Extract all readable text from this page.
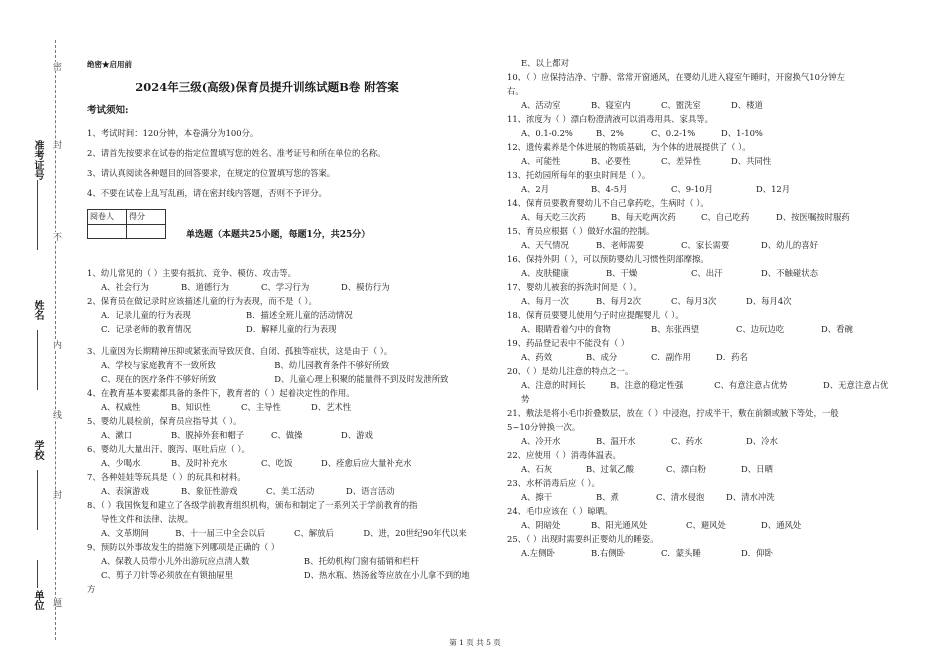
准考证号
姓名
学校
单位
密
封
不
内
线
封
题
绝密★启用前
2024年三级(高级)保育员提升训练试题B卷 附答案
考试须知:
1、考试时间：120分钟，本卷满分为100分。
2、请首先按要求在试卷的指定位置填写您的姓名、准考证号和所在单位的名称。
3、请认真阅读各种题目的回答要求，在规定的位置填写您的答案。
4、不要在试卷上乱写乱画，请在密封线内答题，否则不予评分。
阅卷人	得分

单选题（本题共25小题，每题1分，共25分）
1、幼儿常见的（ ）主要有抵抗、竞争、模仿、攻击等。
A、社会行为	B、道德行为	C、学习行为	D、模仿行为
2、保育员在做记录时应该描述儿童的行为表现，而不是（ ）。
A．记录儿童的行为表现	B．描述全班儿童的活动情况
C．记录老师的教育情况	D．解释儿童的行为表现
3、儿童因为长期精神压抑或紧张而导致厌食、自闭、孤独等症状，这是由于（ ）。
A、学校与家庭教育不一致所致	B、幼儿园教育条件不够好所致
C、现在的医疗条件不够好所致	D、儿童心理上积聚的能量得不到及时发泄所致
4、在教育基本要素都具备的条件下，教育者的（ ）起着决定性的作用。
A、权威性	B、知识性	C、主导性	D、艺术性
5、婴幼儿晨检前，保育员应指导其（ ）。
A、漱口	B、脱掉外套和帽子	C、做操	D、游戏
6、婴幼儿大量出汗、腹泻、呕吐后应（ ）。
A、少喝水	B、及时补充水	C、吃饭	D、痊愈后应大量补充水
7、各种娃娃等玩具是（ ）的玩具和材料。
A、表演游戏	B、象征性游戏	C、美工活动	D、语言活动
8、（ ）我国恢复和建立了各级学前教育组织机构，颁布和制定了一系列关于学前教育的指
导性文件和法律、法规。
A、文革期间	B、十一届三中全会以后	C、解放后	D、进，20世纪90年代以来
9、预防以外事故发生的措施下列哪项是正确的（ ）
A、保教人员带小儿外出游玩应点清人数	B、托幼机构门窗有插销和栏杆
C、剪子刀针等必须放在有锁抽屉里	D、热水瓶、热汤盆等应放在小儿拿不到的地
方
E、以上都对
10、（ ）应保持洁净、宁静、常常开窗通风，在婴幼儿进入寝室午睡时，开窗换气10分钟左
右。
A、活动室	B、寝室内	C、盥洗室	D、楼道
11、浓度为（ ）漂白粉澄清液可以消毒用具、家具等。
A、0.1-0.2%	B、2%	C、0.2-1%	D、1-10%
12、遗传素养是个体进展的物质基础，为个体的进展提供了（ ）。
A、可能性	B、必要性	C、差异性	D、共同性
13、托幼园所每年的驱虫时间是（ ）。
A、2月	B、4-5月	C、9-10月	D、12月
14、保育员要教育婴幼儿不自己拿药吃，生病时（ ）。
A、每天吃三次药	B、每天吃两次药	C、自己吃药	D、按医嘱按时服药
15、育员应根据（ ）做好水温的控制。
A、天气情况	B、老师需要	C、家长需要	D、幼儿的喜好
16、保持外阴（ ），可以预防婴幼儿习惯性阴部摩擦。
A、皮肤健康	B、干燥	C、出汗	D、不触碰状态
17、婴幼儿被套的拆洗时间是（ ）。
A、每月一次	B、每月2次	C、每月3次	D、每月4次
18、保育员要婴儿使用勺子时应提醒婴儿（ ）。
A、眼睛看着勺中的食物	B、东张西望	C、边玩边吃	D、看碗
19、药品登记表中不能没有（ ）
A、药效	B、成分	C．副作用	D．药名
20、（ ）是幼儿注意的特点之一。
A、注意的时间长	B、注意的稳定性强	C、有意注意占优势	D、无意注意占优
势
21、敷法是将小毛巾折叠数层，放在（ ）中浸泡，拧成半干，敷在前额或腋下等处，一般
5~10分钟换一次。
A、冷开水	B、温开水	C、药水	D、冷水
22、应使用（ ）消毒体温表。
A、石灰	B、过氧乙酸	C、漂白粉	D、日晒
23、水杯消毒后应（ ）。
A、擦干	B、煮	C、清水侵泡	D、清水冲洗
24、毛巾应该在（ ）晾晒。
A、阴暗处	B、阳光通风处	C、避风处	D、通风处
25、（ ）出现时需要纠正婴幼儿的睡姿。
A.左侧卧	B.右侧卧	C．蒙头睡	D．仰卧
第 1 页 共 5 页
